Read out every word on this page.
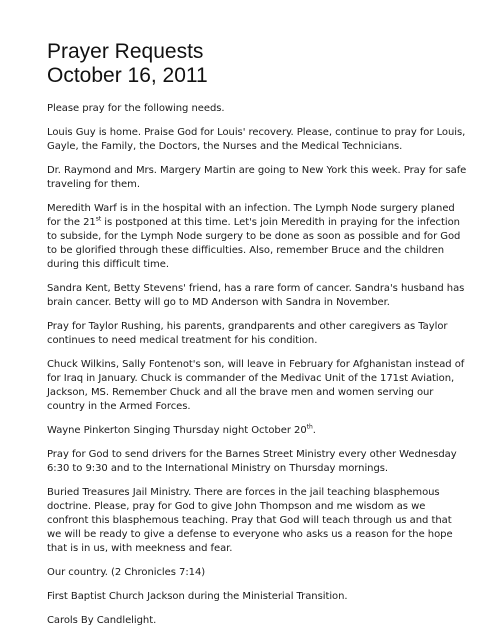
Prayer Requests
October 16, 2011

Please pray for the following needs.

Louis Guy is home. Praise God for Louis' recovery. Please, continue to pray for Louis, Gayle, the Family, the Doctors, the Nurses and the Medical Technicians.

Dr. Raymond and Mrs. Margery Martin are going to New York this week. Pray for safe traveling for them.

Meredith Warf is in the hospital with an infection. The Lymph Node surgery planed for the 21st is postponed at this time. Let's join Meredith in praying for the infection to subside, for the Lymph Node surgery to be done as soon as possible and for God to be glorified through these difficulties. Also, remember Bruce and the children during this difficult time.

Sandra Kent, Betty Stevens' friend, has a rare form of cancer. Sandra's husband has brain cancer. Betty will go to MD Anderson with Sandra in November.

Pray for Taylor Rushing, his parents, grandparents and other caregivers as Taylor continues to need medical treatment for his condition.

Chuck Wilkins, Sally Fontenot's son, will leave in February for Afghanistan instead of for Iraq in January. Chuck is commander of the Medivac Unit of the 171st Aviation, Jackson, MS. Remember Chuck and all the brave men and women serving our country in the Armed Forces.

Wayne Pinkerton Singing Thursday night October 20th.

Pray for God to send drivers for the Barnes Street Ministry every other Wednesday 6:30 to 9:30 and to the International Ministry on Thursday mornings.

Buried Treasures Jail Ministry. There are forces in the jail teaching blasphemous doctrine. Please, pray for God to give John Thompson and me wisdom as we confront this blasphemous teaching. Pray that God will teach through us and that we will be ready to give a defense to everyone who asks us a reason for the hope that is in us, with meekness and fear.

Our country. (2 Chronicles 7:14)

First Baptist Church Jackson during the Ministerial Transition.

Carols By Candlelight.
